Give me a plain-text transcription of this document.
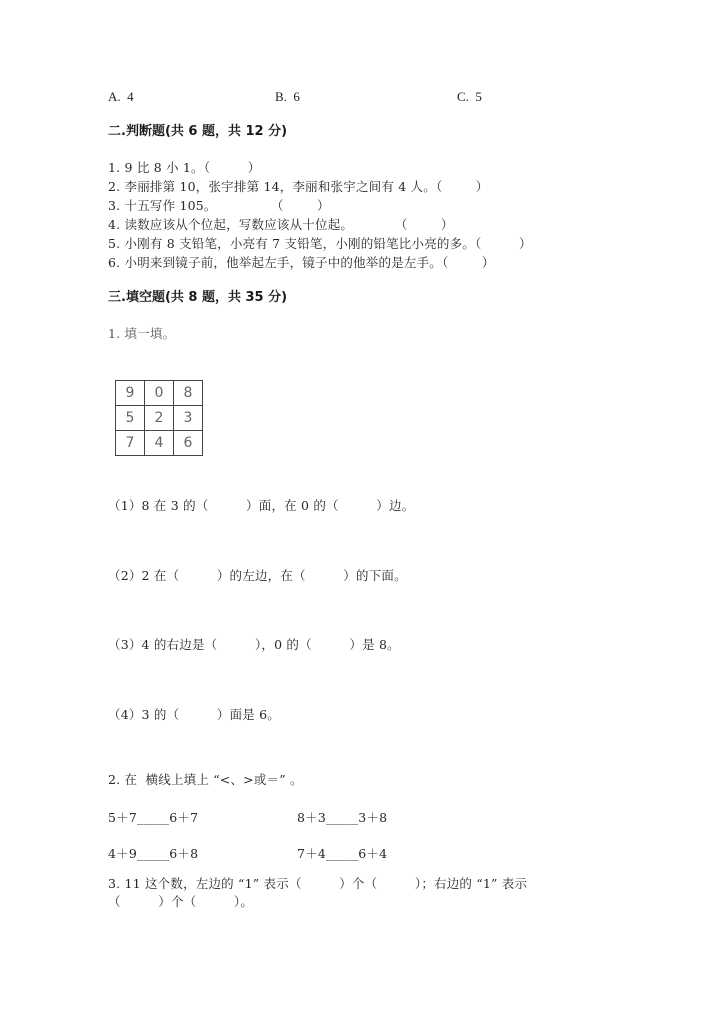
A.  4	B.  6	C.  5
二.判断题(共 6 题，共 12 分)
1. 9 比 8 小 1。（         ）
2. 李丽排第 10，张宇排第 14，李丽和张宇之间有 4 人。（        ）
3. 十五写作 105。             （        ）
4. 读数应该从个位起，写数应该从十位起。          （        ）
5. 小刚有 8 支铅笔，小亮有 7 支铅笔，小刚的铅笔比小亮的多。（         ）
6. 小明来到镜子前，他举起左手，镜子中的他举的是左手。（        ）
三.填空题(共 8 题，共 35 分)
1. 填一填。
9	0	8
5	2	3
7	4	6
（1）8 在 3 的（         ）面，在 0 的（         ）边。
（2）2 在（         ）的左边，在（         ）的下面。
（3）4 的右边是（         ），0 的（         ）是 8。
（4）3 的（         ）面是 6。
2. 在  横线上填上 “<、>或＝” 。
5＋7_____6＋7	8＋3_____3＋8
4＋9_____6＋8	7＋4_____6＋4
3. 11 这个数，左边的 “1” 表示（         ）个（         ）；右边的 “1” 表示
（         ）个（         ）。
